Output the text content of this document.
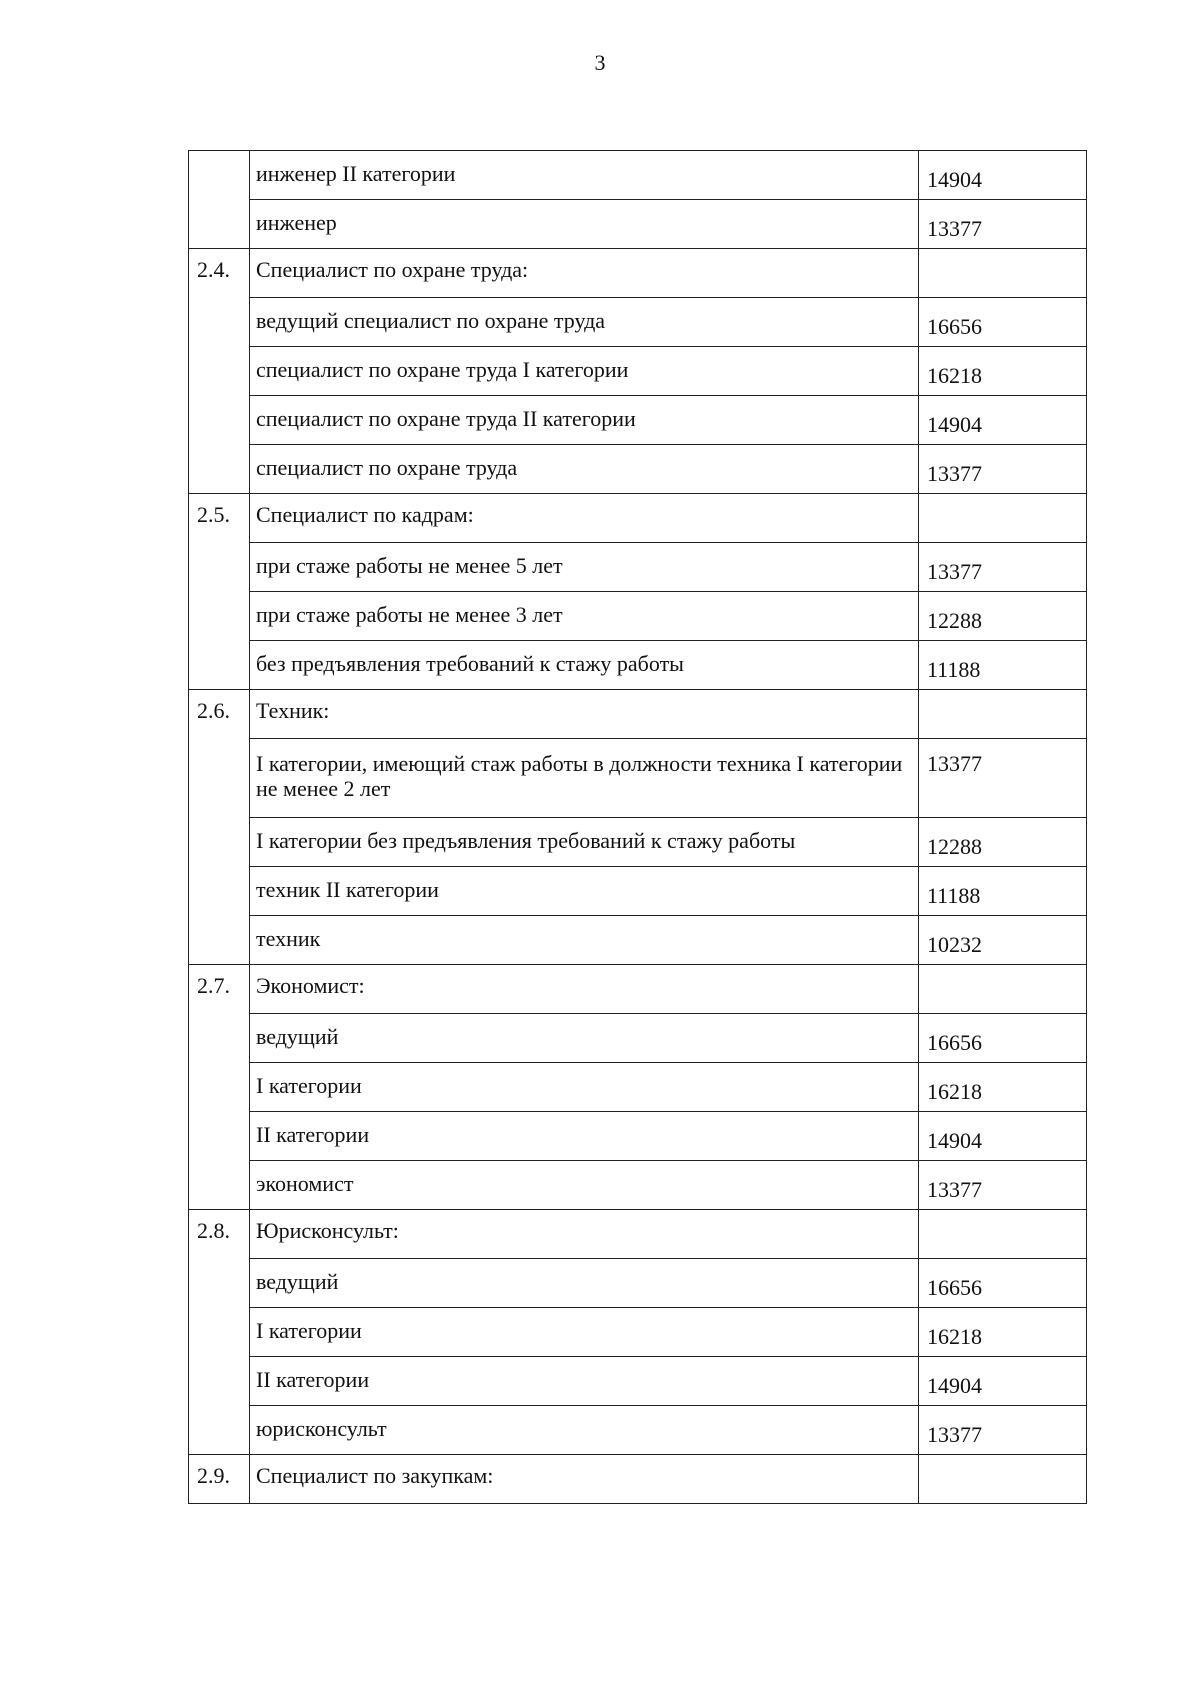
3
	инженер II категории	14904
	инженер	13377
2.4.	Специалист по охране труда:	
	ведущий специалист по охране труда	16656
	специалист по охране труда I категории	16218
	специалист по охране труда II категории	14904
	специалист по охране труда	13377
2.5.	Специалист по кадрам:	
	при стаже работы не менее 5 лет	13377
	при стаже работы не менее 3 лет	12288
	без предъявления требований к стажу работы	11188
2.6.	Техник:	
	I категории, имеющий стаж работы в должности техника I категории не менее 2 лет	13377
	I категории без предъявления требований к стажу работы	12288
	техник II категории	11188
	техник	10232
2.7.	Экономист:	
	ведущий	16656
	I категории	16218
	II категории	14904
	экономист	13377
2.8.	Юрисконсульт:	
	ведущий	16656
	I категории	16218
	II категории	14904
	юрисконсульт	13377
2.9.	Специалист по закупкам:	
